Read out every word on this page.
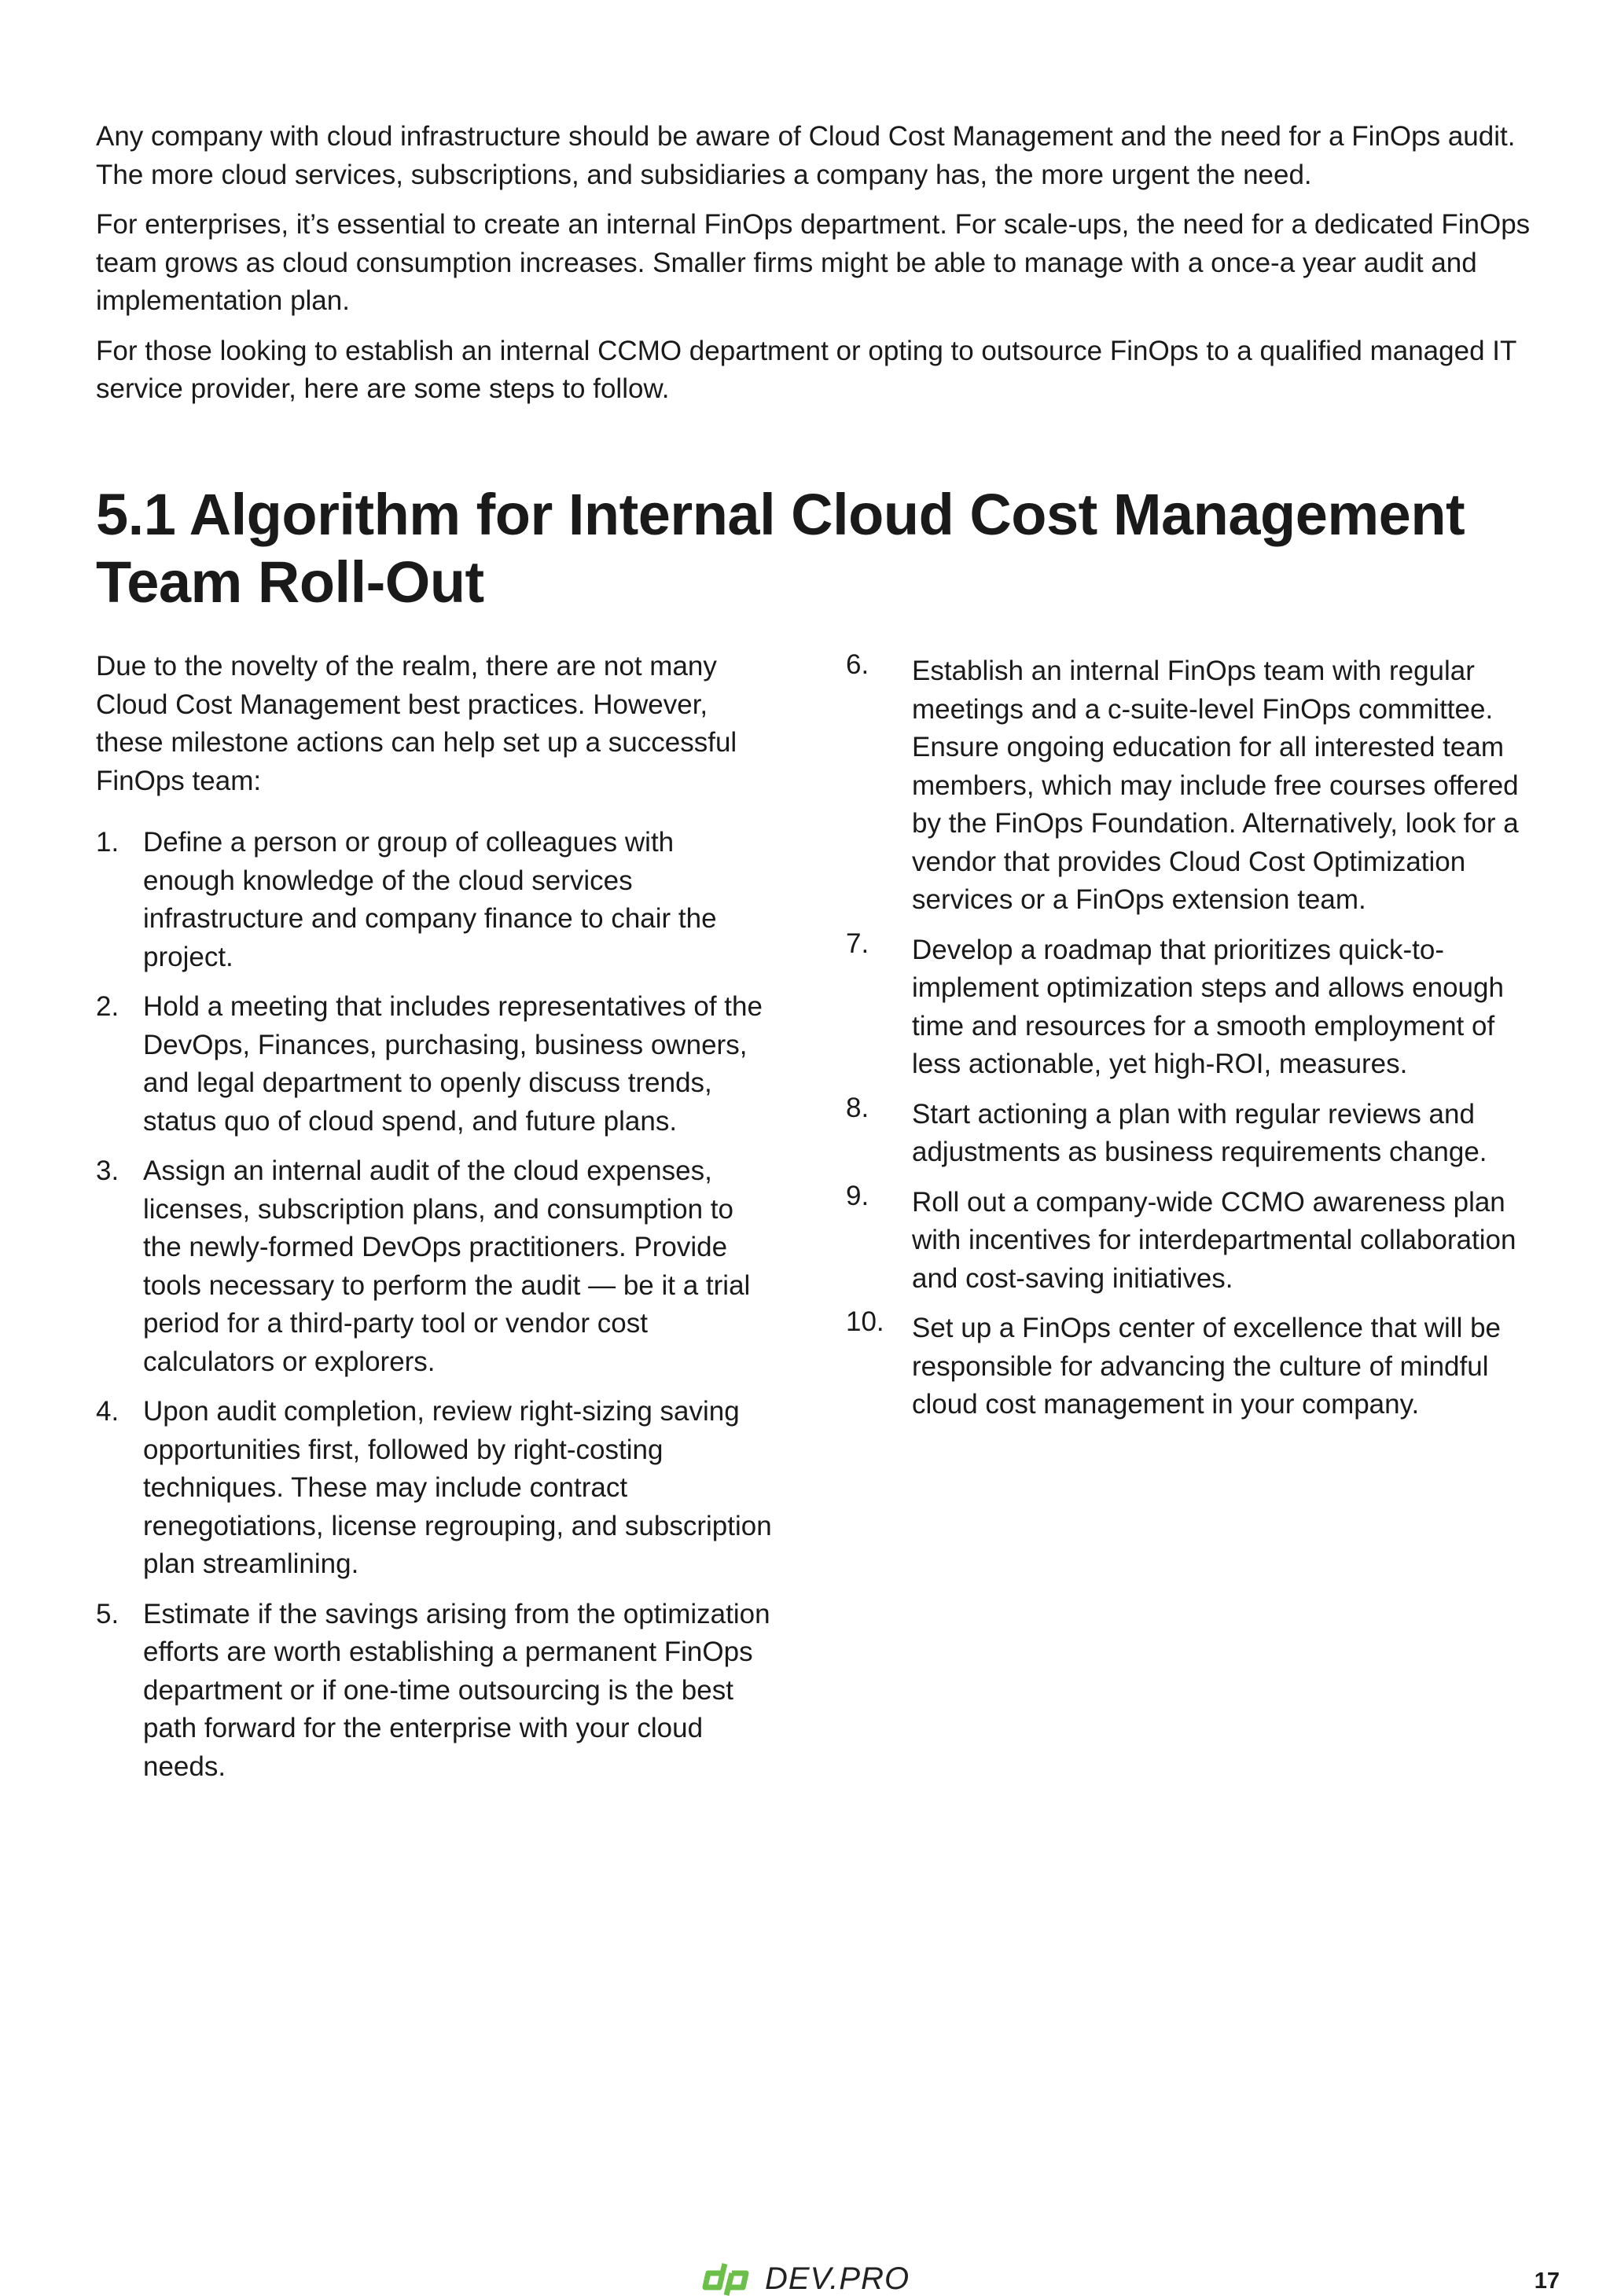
Any company with cloud infrastructure should be aware of Cloud Cost Management and the need for a FinOps audit. The more cloud services, subscriptions, and subsidiaries a company has, the more urgent the need.

For enterprises, it’s essential to create an internal FinOps department. For scale-ups, the need for a dedicated FinOps team grows as cloud consumption increases. Smaller firms might be able to manage with a once-a year audit and implementation plan.

For those looking to establish an internal CCMO department or opting to outsource FinOps to a qualified managed IT service provider, here are some steps to follow.

5.1 Algorithm for Internal Cloud Cost Management Team Roll-Out

Due to the novelty of the realm, there are not many Cloud Cost Management best practices. However, these milestone actions can help set up a successful FinOps team:

1. Define a person or group of colleagues with enough knowledge of the cloud services infrastructure and company finance to chair the project.
2. Hold a meeting that includes representatives of the DevOps, Finances, purchasing, business owners, and legal department to openly discuss trends, status quo of cloud spend, and future plans.
3. Assign an internal audit of the cloud expenses, licenses, subscription plans, and consumption to the newly-formed DevOps practitioners. Provide tools necessary to perform the audit — be it a trial period for a third-party tool or vendor cost calculators or explorers.
4. Upon audit completion, review right-sizing saving opportunities first, followed by right-costing techniques. These may include contract renegotiations, license regrouping, and subscription plan streamlining.
5. Estimate if the savings arising from the optimization efforts are worth establishing a permanent FinOps department or if one-time outsourcing is the best path forward for the enterprise with your cloud needs.
6. Establish an internal FinOps team with regular meetings and a c-suite-level FinOps committee. Ensure ongoing education for all interested team members, which may include free courses offered by the FinOps Foundation. Alternatively, look for a vendor that provides Cloud Cost Optimization services or a FinOps extension team.
7. Develop a roadmap that prioritizes quick-to-implement optimization steps and allows enough time and resources for a smooth employment of less actionable, yet high-ROI, measures.
8. Start actioning a plan with regular reviews and adjustments as business requirements change.
9. Roll out a company-wide CCMO awareness plan with incentives for interdepartmental collaboration and cost-saving initiatives.
10. Set up a FinOps center of excellence that will be responsible for advancing the culture of mindful cloud cost management in your company.
DEV.PRO	17
